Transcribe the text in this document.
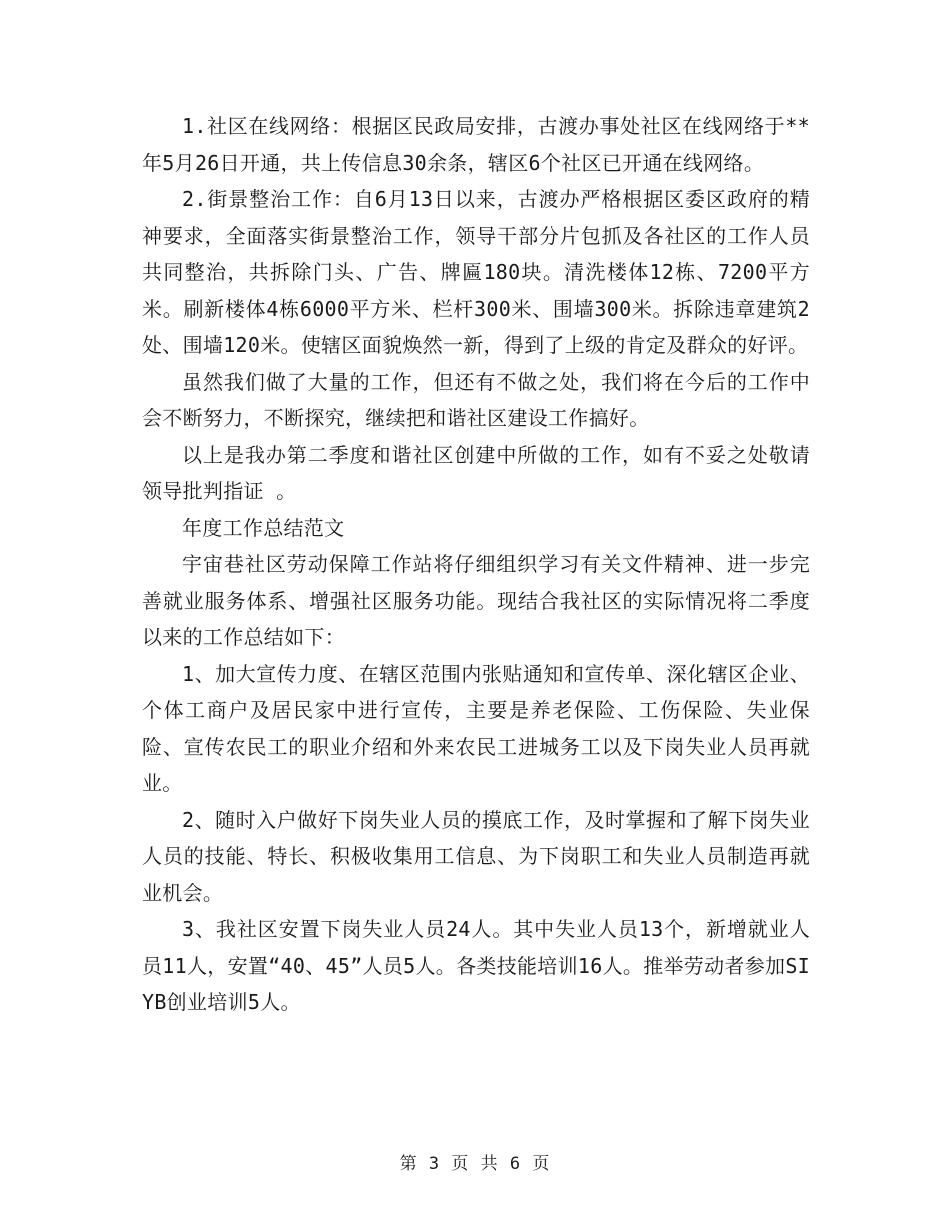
1.社区在线网络：根据区民政局安排，古渡办事处社区在线网络于**年5月26日开通，共上传信息30余条，辖区6个社区已开通在线网络。

2.街景整治工作：自6月13日以来，古渡办严格根据区委区政府的精神要求，全面落实街景整治工作，领导干部分片包抓及各社区的工作人员共同整治，共拆除门头、广告、牌匾180块。清洗楼体12栋、7200平方米。刷新楼体4栋6000平方米、栏杆300米、围墙300米。拆除违章建筑2处、围墙120米。使辖区面貌焕然一新，得到了上级的肯定及群众的好评。

虽然我们做了大量的工作，但还有不做之处，我们将在今后的工作中会不断努力，不断探究，继续把和谐社区建设工作搞好。

以上是我办第二季度和谐社区创建中所做的工作，如有不妥之处敬请领导批判指证 。

年度工作总结范文

宇宙巷社区劳动保障工作站将仔细组织学习有关文件精神、进一步完善就业服务体系、增强社区服务功能。现结合我社区的实际情况将二季度以来的工作总结如下：

1、加大宣传力度、在辖区范围内张贴通知和宣传单、深化辖区企业、个体工商户及居民家中进行宣传，主要是养老保险、工伤保险、失业保险、宣传农民工的职业介绍和外来农民工进城务工以及下岗失业人员再就业。

2、随时入户做好下岗失业人员的摸底工作，及时掌握和了解下岗失业人员的技能、特长、积极收集用工信息、为下岗职工和失业人员制造再就业机会。

3、我社区安置下岗失业人员24人。其中失业人员13个，新增就业人员11人，安置“40、45”人员5人。各类技能培训16人。推举劳动者参加SIYB创业培训5人。

第 3 页 共 6 页
